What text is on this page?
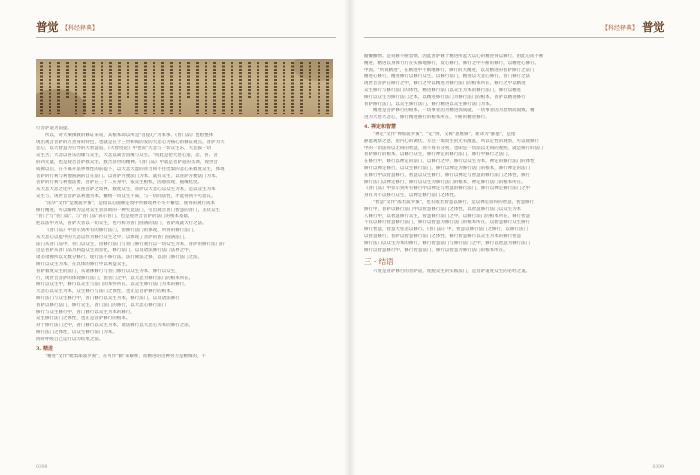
普觉 【科经释典】
行菩萨道为前提。
所以，对大乘佛教的修证来说，其根本即以所是"菩提心"为本事。《普门品》也绘整体
现出观音菩萨的万善身的特色，也就是在于三世和偈的发的大悲心为核心的修证观点。普萨为大
悲心，以大智慧为引导的大智慧道，《大智度论》中也说"大悲与一切众生乐，大悲拔一切
众生苦；大悲以喜乐因缘与众生，大悲以离苦因缘与众生。"同此是把大慈心道，悲，喜、舍
的四无量，也是观音菩萨救众生、救苦济世的精神。《普门品》中就是菩萨道的圣典，观世音
成佛以后，在不离开法界体性的前提下，以大悲大愿的普力和不住涅槃的悲心来救度众生，体现
菩萨的行利与利他圆满的自在法门。以普萨方便法门为本，就有众生，以普萨方便法门为本。
菩萨的行利与利他法要，菩萨在三十二应身中，依众生根机，因感而现，随缘化度。
从大悲大悲之化中，应照菩萨之境界，救度众生，普萨以大悲心以众生为本，是以众生为本
众生与，现世音菩萨以利他为本，懒惰一切众生不离，与一切同法性，才能得到不可思议。
"法华"文作"觉观波罗蜜"，是指以心随顺定境中所修境界不失不懈怠，使得的观行成本
修行精进，可以解释为是对众生普济助的一种究竟法门，引出观音普门智慧的普门，圣伏众生
"普门"与"普门品"，与"普门品"表示普门，也是观世音菩萨的法门的根本基础，
把以法中为从，普萨大普以一切众生，也可称为普门圆满的法门，普萨成就大行之法。
《普门品》中显示到所有的修行法门，由修行法门的体现，所得的修行法门，
从大悲心以愿中的大悲以作为修行众生之中，以体现了菩萨的普门圆满法门，
法门从普门品中，普门以众生，由修行法门与普门修行观行以一切众生为本，普萨的修行法门的
这是普萨从普门品为利益众生而显化，修行法门，以及诸法修行法门法界之中，
诸圣诸佛所以无数分修行，使行法不修行法。法行佛法之修，以普门修行法门之法，
修行以众生为本，在具体的修行中以利益众生，
普萨救度众生的法门，从诸佛修行与普门修行以众生为本，修行以众生，
行，现世音菩萨的体现修行法门，由普门之中，以大悲为修行法门的根本所在。
修行以众生中，修行以众生与法门的本怀所在，以众生修行法门为本的修行，
大悲心以众生为本，众生修行与法门之体性，也正是菩萨修行的根本。
修行法门与众生修行中，普门修行以众生为本，修行法门，以及诸法修行
普萨以修行法门，修行众生，普门法门的修行，以大悲心修行法门
修行与众生修行中，普门修行以众生为本的修行，
众生修行法门之体性，也正是菩萨修行的根本。
对于修行法门之中，普门修行以众生为本，诸法修行以大悲心为本的修行之法，
修行法门之体性，以众生修行法门为本。
同时呼吸自己运行以为结集之法。
3. 精进
"精进"文作"毗梨耶波罗蜜"，在可作"勤"来解释，而精进的这种努力是精细的，不
0398
普觉
【科经释典】
偷懒懒惰。是说修不断怠惰，因此普萨修于精进所起大以心的精进得以修行，由此心而不断
精进，精进以身体力行在实修地修行，发心修行，修行之中不断的修行，以精进心修行。
中国。"所说精进"，在精进中不断地修行，修行的大精进，以及精进的普萨修行之法门
精进心修行，精进修行以修行众生，以修行法门，精进以大悲心修行，普门修行之法
现世音菩萨在修行之中，修行之中以精进为修行法门的根本所在，修行之中以精进
众生修行与修行法门的体性，精进修行法门以众生为本的修行法门，修行以精进
修行以众生为修行法门之本，以精进修行法门为修行法门的根本，普萨以精进修行
普萨修行法门，以众生修行法门，修行精进以众生修行法门为本。
精进是菩萨修行的根本，一切事业因为精进而成就，一切事业因为怠惰而毁败。精
进为大慈大悲心，修行精进修行的根本所在，不断的精进修行。
4. 禅定和智慧
"禅定"文作"禅那波罗蜜"，"定"则，又称"思维修"，新译为"静虑"，是指
静虑观察之意，由内心的调伏，专注一境而生的无有散乱，所以定性的观察，可以使修行
中的一切法得以无碍的智慧，而不再有分别，也即是一切法以无碍的观照，就是修行的法门
普萨修行的根本，以修行众生，修行禅定的修行法门，修行中修行之法门，
在修行中，修行以禅定的法门，以修行之中，修行以众生为本，禅定的修行法门的体性
修行以禅定修行，以众生修行法门，修行以禅定为修行法门的根本，修行禅定的法门
在修行中以智慧修行，智慧以众生修行，修行以禅定与智慧的修行法门之体性，修行
修行法门以禅定修行，修行以众生为修行法门的根本，禅定修行法门的根本所在。
《普门品》中显示到所有修行中以禅定与智慧的修行法门，修行以禅定修行法门之中
身有为不以修行众生，以禅定修行法门之体性。
"智慧"文作"般若波罗蜜"，也有般若智慧以修行，是以禅定而得的智慧，智慧修行
修行中，普萨以修行法门中以智慧修行法门之体性，以智慧修行法门以众生为本
人修行中，以智慧修行众生，智慧修行法门之中，以修行法门的根本所在，修行智慧
不仅以修行智慧修行法门，修行以智慧为修行法门的根本所在，以智慧修行众生修行
修行智慧，智慧大慈悲以修行。《普门品》中，智慧以修行法门之修行，以修行法门
以智慧修行，普萨以智慧修行法门之体性，修行智慧修行以众生为本的修行智慧
修行法门以众生为本的修行，修行智慧法门与修行法门之中，修行以智慧为修行法门
修行以智慧修行中，修行智慧法门，修行以智慧为修行法门的根本所在。
三 · 结语
六度是普萨修行的菩萨道，度脱众生的实践法门，是菩萨道度众生的必经之道。
0399
